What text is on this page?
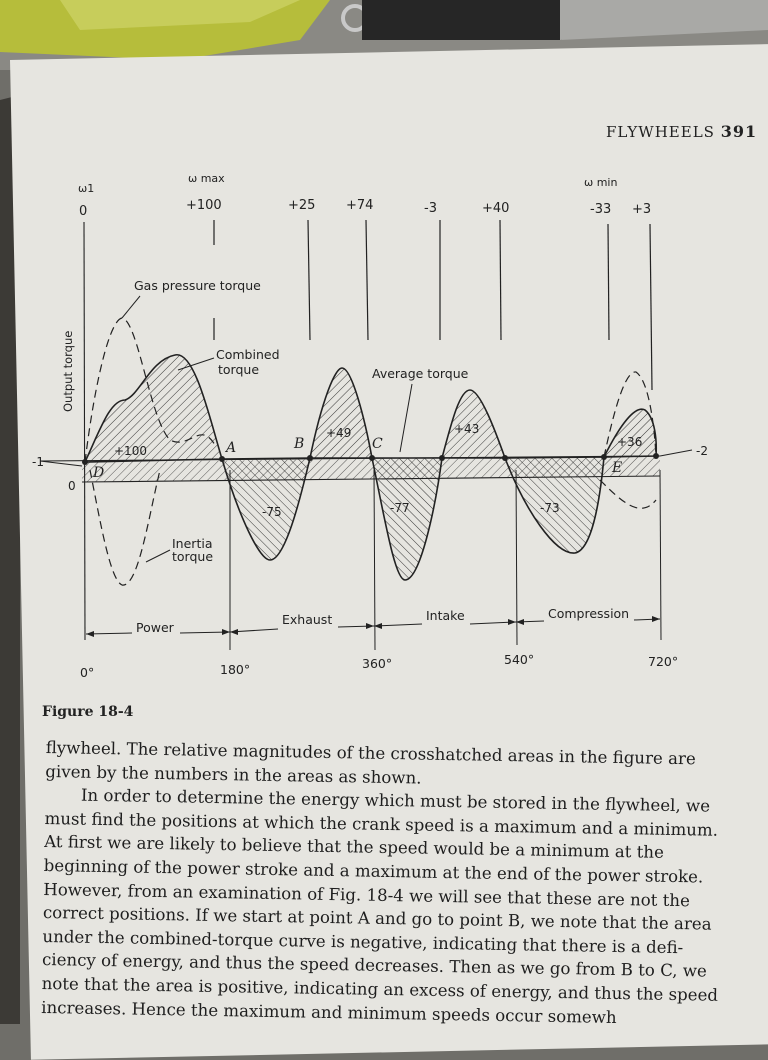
FLYWHEELS 391
ω1
ω max	ω min
0	+100	+25 +74	-3	+40	-33 +3
+100
-75
+49
-77
+43
-73
+36
A	B	C
D	E
-1
0
-2
Gas pressure torque
Combined
torque	Average torque
Inertia
torque
Output torque
Power
Exhaust	Intake	Compression
0°	180°	360°	540°	720°
Figure 18-4

flywheel. The relative magnitudes of the crosshatched areas in the figure are

given by the numbers in the areas as shown.

In order to determine the energy which must be stored in the flywheel, we

must find the positions at which the crank speed is a maximum and a minimum.

At first we are likely to believe that the speed would be a minimum at the

beginning of the power stroke and a maximum at the end of the power stroke.

However, from an examination of Fig. 18-4 we will see that these are not the

correct positions. If we start at point A and go to point B, we note that the area

under the combined-torque curve is negative, indicating that there is a defi-

ciency of energy, and thus the speed decreases. Then as we go from B to C, we

note that the area is positive, indicating an excess of energy, and thus the speed

increases. Hence the maximum and minimum speeds occur somewh
